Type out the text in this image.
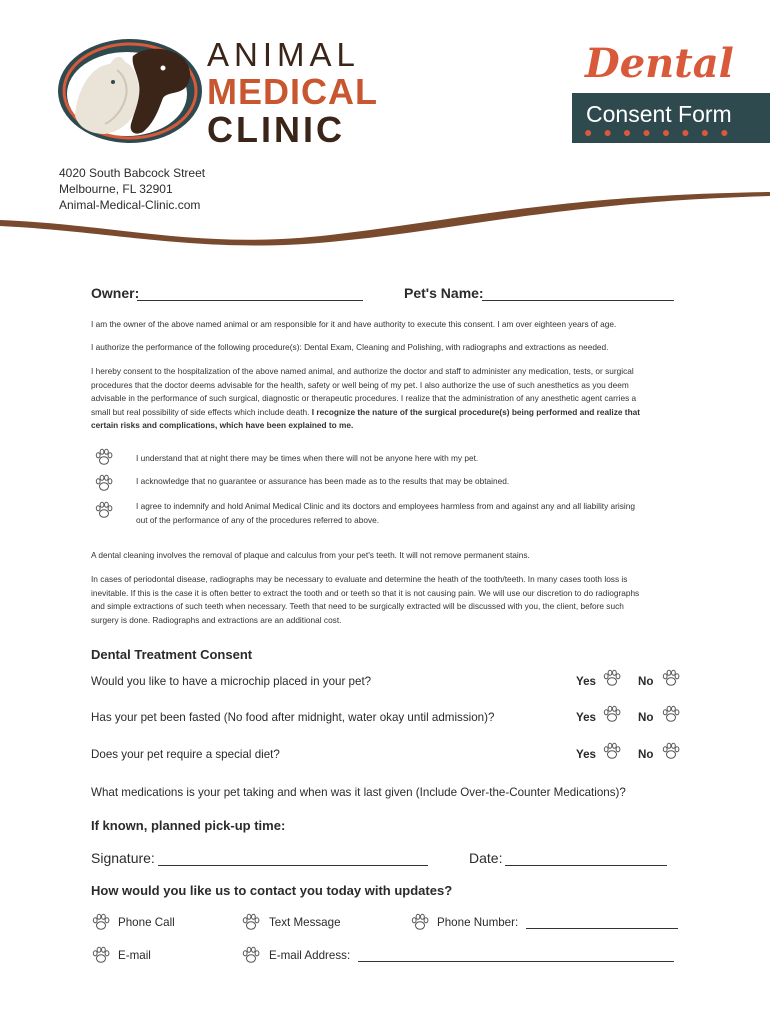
ANIMAL
MEDICAL
CLINIC
Dental
Consent Form
●●●●●●●●
4020 South Babcock Street
Melbourne, FL 32901
Animal-Medical-Clinic.com
Owner:	Pet's Name:
I am the owner of the above named animal or am responsible for it and have authority to execute this consent. I am over eighteen years of age.
I authorize the performance of the following procedure(s): Dental Exam, Cleaning and Polishing, with radiographs and extractions as needed.
I hereby consent to the hospitalization of the above named animal, and authorize the doctor and staff to administer any medication, tests, or surgical
procedures that the doctor deems advisable for the health, safety or well being of my pet. I also authorize the use of such anesthetics as you deem
advisable in the performance of such surgical, diagnostic or therapeutic procedures. I realize that the administration of any anesthetic agent carries a
small but real possibility of side effects which include death. I recognize the nature of the surgical procedure(s) being performed and realize that
certain risks and complications, which have been explained to me.
I understand that at night there may be times when there will not be anyone here with my pet.
I acknowledge that no guarantee or assurance has been made as to the results that may be obtained.
I agree to indemnify and hold Animal Medical Clinic and its doctors and employees harmless from and against any and all liability arising
out of the performance of any of the procedures referred to above.
A dental cleaning involves the removal of plaque and calculus from your pet's teeth. It will not remove permanent stains.
In cases of periodontal disease, radiographs may be necessary to evaluate and determine the heath of the tooth/teeth. In many cases tooth loss is
inevitable. If this is the case it is often better to extract the tooth and or teeth so that it is not causing pain. We will use our discretion to do radiographs
and simple extractions of such teeth when necessary. Teeth that need to be surgically extracted will be discussed with you, the client, before such
surgery is done. Radiographs and extractions are an additional cost.
Dental Treatment Consent
Would you like to have a microchip placed in your pet?	Yes	No
Has your pet been fasted (No food after midnight, water okay until admission)?	Yes	No
Does your pet require a special diet?	Yes	No
What medications is your pet taking and when was it last given (Include Over-the-Counter Medications)?
If known, planned pick-up time:
Signature:	Date:
How would you like us to contact you today with updates?
Phone Call	Text Message	Phone Number:
E-mail	E-mail Address:
